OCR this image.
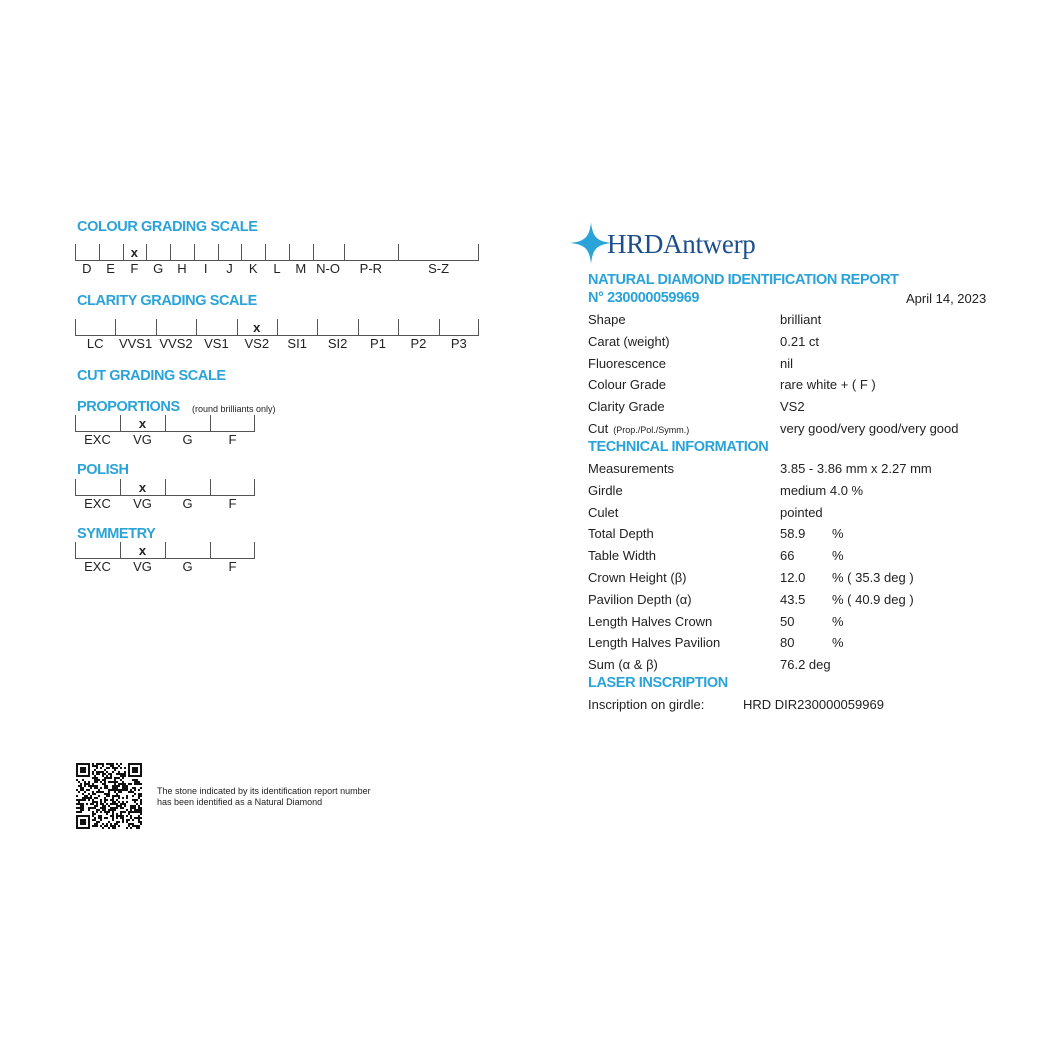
COLOUR GRADING SCALE
D E F
x
G H I J K L M N-O P-R	S-Z
CLARITY GRADING SCALE
LC VVS1 VVS2 VS1 VS2
x
SI1 SI2 P1 P2 P3
CUT GRADING SCALE
PROPORTIONS (round brilliants only)
EXC VG
x
G	F
POLISH
EXC VG
x
G	F
SYMMETRY
EXC VG
x
G	F
The stone indicated by its identification report number has been identified as a Natural Diamond
HRDAntwerp
NATURAL DIAMOND IDENTIFICATION REPORT
N° 230000059969	April 14, 2023
Shape	brilliant
Carat (weight)	0.21 ct
Fluorescence	nil
Colour Grade	rare white + ( F )
Clarity Grade	VS2
Cut (Prop./Pol./Symm.)	very good/very good/very good
TECHNICAL INFORMATION
Measurements	3.85 - 3.86 mm x 2.27 mm
Girdle	medium 4.0 %
Culet	pointed
Total Depth	58.9 %
Table Width	66	%
Crown Height (β)	12.0 % ( 35.3 deg )
Pavilion Depth (α)	43.5 % ( 40.9 deg )
Length Halves Crown	50	%
Length Halves Pavilion	80	%
Sum (α & β)	76.2 deg
LASER INSCRIPTION
Inscription on girdle:	HRD DIR230000059969
